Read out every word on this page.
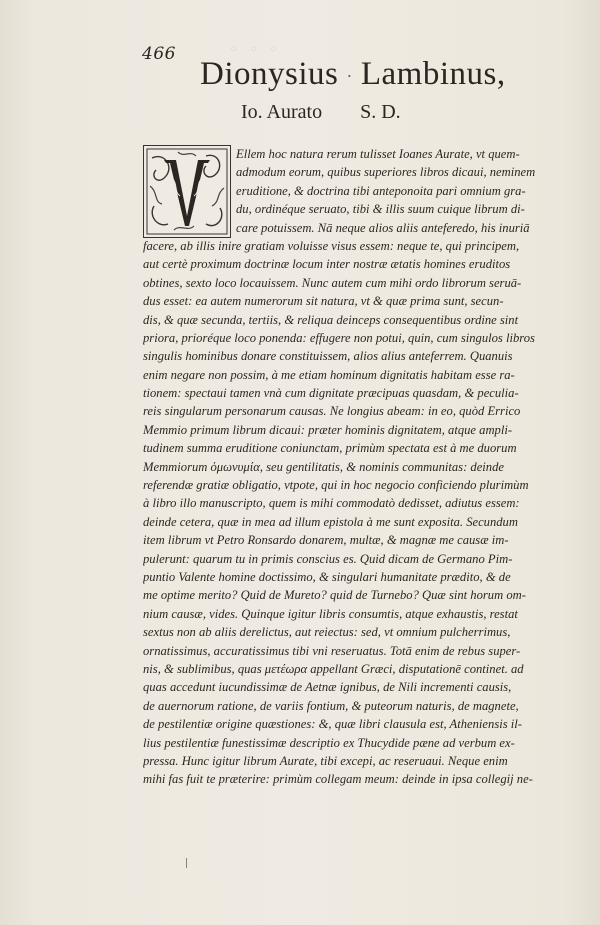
◦ ◦ ◦
466
Dionysius · Lambinus,
Io. Aurato S. D.
Ellem hoc natura rerum tulisset Ioanes Aurate, vt quem-
admodum eorum, quibus superiores libros dicaui, neminem
eruditione, & doctrina tibi anteponoita pari omnium gra-
du, ordinéque seruato, tibi & illis suum cuique librum di-
care potuissem. Nā neque alios aliis anteferedo, his inuriā
facere, ab illis inire gratiam voluisse visus essem: neque te, qui principem,
aut certè proximum doctrinæ locum inter nostræ ætatis homines eruditos
obtines, sexto loco locauissem. Nunc autem cum mihi ordo librorum seruā-
dus esset: ea autem numerorum sit natura, vt & quæ prima sunt, secun-
dis, & quæ secunda, tertiis, & reliqua deinceps consequentibus ordine sint
priora, prioréque loco ponenda: effugere non potui, quin, cum singulos libros
singulis hominibus donare constituissem, alios alius anteferrem. Quanuis
enim negare non possim, à me etiam hominum dignitatis habitam esse ra-
tionem: spectaui tamen vnà cum dignitate præcipuas quasdam, & peculia-
reis singularum personarum causas. Ne longius abeam: in eo, quòd Errico
Memmio primum librum dicaui: præter hominis dignitatem, atque ampli-
tudinem summa eruditione coniunctam, primùm spectata est à me duorum
Memmiorum ὁμωνυμία, seu gentilitatis, & nominis communitas: deinde
referendæ gratiæ obligatio, vtpote, qui in hoc negocio conficiendo plurimùm
à libro illo manuscripto, quem is mihi commodatò dedisset, adiutus essem:
deinde cetera, quæ in mea ad illum epistola à me sunt exposita. Secundum
item librum vt Petro Ronsardo donarem, multæ, & magnæ me causæ im-
pulerunt: quarum tu in primis conscius es. Quid dicam de Germano Pim-
puntio Valente homine doctissimo, & singulari humanitate prædito, & de
me optime merito? Quid de Mureto? quid de Turnebo? Quæ sint horum om-
nium causæ, vides. Quinque igitur libris consumtis, atque exhaustis, restat
sextus non ab aliis derelictus, aut reiectus: sed, vt omnium pulcherrimus,
ornatissimus, accuratissimus tibi vni reseruatus. Totā enim de rebus super-
nis, & sublimibus, quas μετέωρα appellant Græci, disputationē continet. ad
quas accedunt iucundissimæ de Aetnæ ignibus, de Nili incrementi causis,
de auernorum ratione, de variis fontium, & puteorum naturis, de magnete,
de pestilentiæ origine quæstiones: &, quæ libri clausula est, Atheniensis il-
lius pestilentiæ funestissimæ descriptio ex Thucydide pæne ad verbum ex-
pressa. Hunc igitur librum Aurate, tibi excepi, ac reseruaui. Neque enim
mihi fas fuit te præterire: primùm collegam meum: deinde in ipsa collegij ne-
